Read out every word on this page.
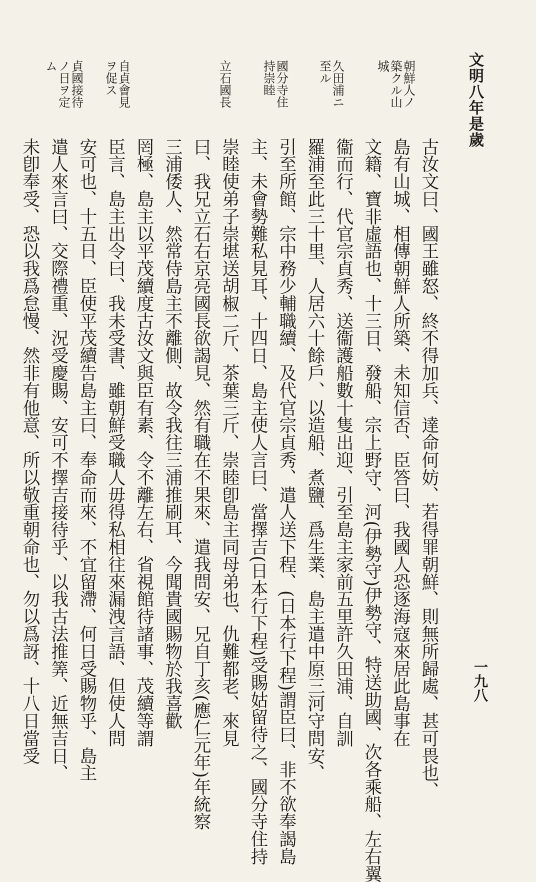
文明八年是歲
一九八
朝鮮人ノ
築クル山
城
久田浦ニ
至ル
國分寺住
持崇睦
立石國長
自貞會見
ヲ促ス
貞國接待
ノ日ヲ定
ム
古汝文曰、國王雖怒、終不得加兵、達命何妨、若得罪朝鮮、則無所歸處、甚可畏也、
島有山城、相傳朝鮮人所築、未知信否、臣答曰、我國人恐逐海寇來居此島事在
文籍、寶非虛語也、十三日、發船、宗上野守、河(伊勢守)伊勢守、特送助國、次各乘船、左右翼
衞而行、代官宗貞秀、送衞護船數十隻出迎、引至島主家前五里許久田浦、自訓
羅浦至此三十里、人居六十餘戶、以造船、煮鹽、爲生業、島主遣中原三河守問安、
引至所館、宗中務少輔職續、及代官宗貞秀、遣人送下程、(日本行下程)謂臣曰、非不欲奉謁島
主、未會勢難私見耳、十四日、島主使人言曰、當擇吉(日本行下程)受賜姑留待之、國分寺住持
崇睦使弟子崇堪送胡椒二斤、茶葉三斤、崇睦卽島主同母弟也、仇難都老、來見
曰、我兄立石右京亮國長欲謁見、然有職在不果來、遣我問安、兄自丁亥(應仁元年)年統察
三浦倭人、然常侍島主不離側、故令我往三浦推刷耳、今聞貴國賜物於我喜歡
罔極、島主以平茂續度古汝文與臣有素、令不離左右、省視館待諸事、茂續等謂
臣言、島主出令曰、我未受書、雖朝鮮受職人毋得私相往來漏洩言語、但使人問
安可也、十五日、臣使平茂續告島主曰、奉命而來、不宜留滯、何日受賜物乎、島主
遣人來言曰、交際禮重、況受慶賜、安可不擇吉接待乎、以我古法推筭、近無吉日、
未卽奉受、恐以我爲怠慢、然非有他意、所以敬重朝命也、勿以爲訝、十八日當受
